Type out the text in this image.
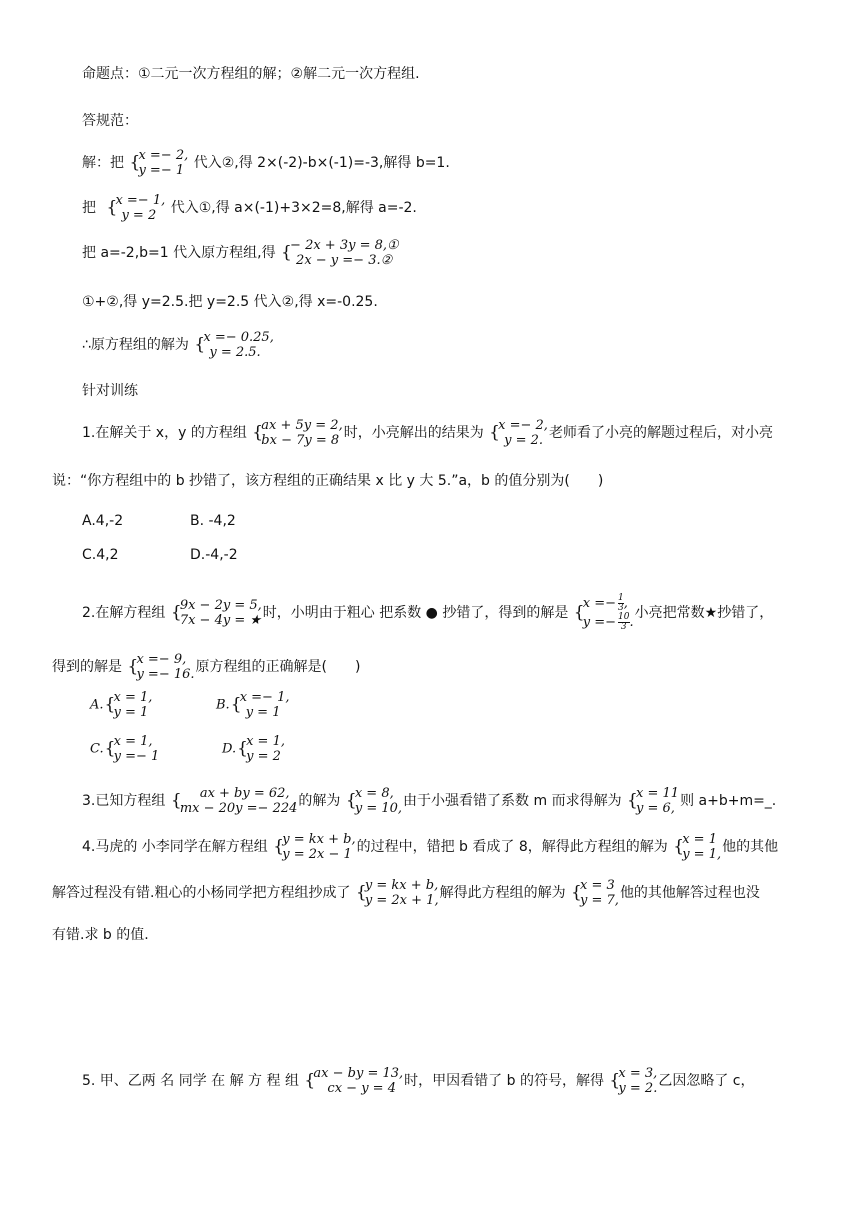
命题点：①二元一次方程组的解；②解二元一次方程组.
答规范：
解：把 { x =− 2,
y =− 1 代入②,得 2×(-2)-b×(-1)=-3,解得 b=1.
把 { x =− 1,
y = 2	代入①,得 a×(-1)+3×2=8,解得 a=-2.
把 a=-2,b=1 代入原方程组,得 { − 2x + 3y = 8,①
2x − y =− 3.②
①+②,得 y=2.5.把 y=2.5 代入②,得 x=-0.25.
∴原方程组的解为 { x =− 0.25,
y = 2.5.
针对训练
1.在解关于 x，y 的方程组 { ax + 5y = 2,
bx − 7y = 8 时，小亮解出的结果为 { x =− 2,
y = 2. 老师看了小亮的解题过程后，对小亮
说：“你方程组中的 b 抄错了，该方程组的正确结果 x 比 y 大 5.”a，b 的值分别为(　　)
A.4,-2	B. -4,2
C.4,2	D.-4,-2
2.在解方程组 { 9x − 2y = 5,
7x − 4y = ★ 时，小明由于粗心 把系数 ● 抄错了，得到的解是
{ $x =- \frac{1}{3}$ ,
$y =- \frac{10}{3}$ .
小亮把常数★抄错了，
得到的解是 { x =− 9,
y =− 16. 原方程组的正确解是(　　)
A. { x = 1,
y = 1	B. { x =− 1,
y = 1
C. { x = 1,
y =− 1	D. { x = 1,
y = 2
3.已知方程组	{ ax + by = 62,
mx − 20y =− 224 的解为 { x = 8,
y = 10, 由于小强看错了系数 m 而求得解为 { x = 11
y = 6, 则 a+b+m=_.
4.马虎的 小李同学在解方程组 { y = kx + b,
y = 2x − 1 的过程中，错把 b 看成了 8，解得此方程组的解为 { x = 1
y = 1, 他的其他
解答过程没有错.粗心的小杨同学把方程组抄成了 { y = kx + b,
y = 2x + 1, 解得此方程组的解为 { x = 3
y = 7, 他的其他解答过程也没
有错.求 b 的值.
5. 甲、乙两 名 同学 在 解 方 程 组 { ax − by = 13,
cx − y = 4 时，甲因看错了 b 的符号，解得 { x = 3,
y = 2. 乙因忽略了 c，
